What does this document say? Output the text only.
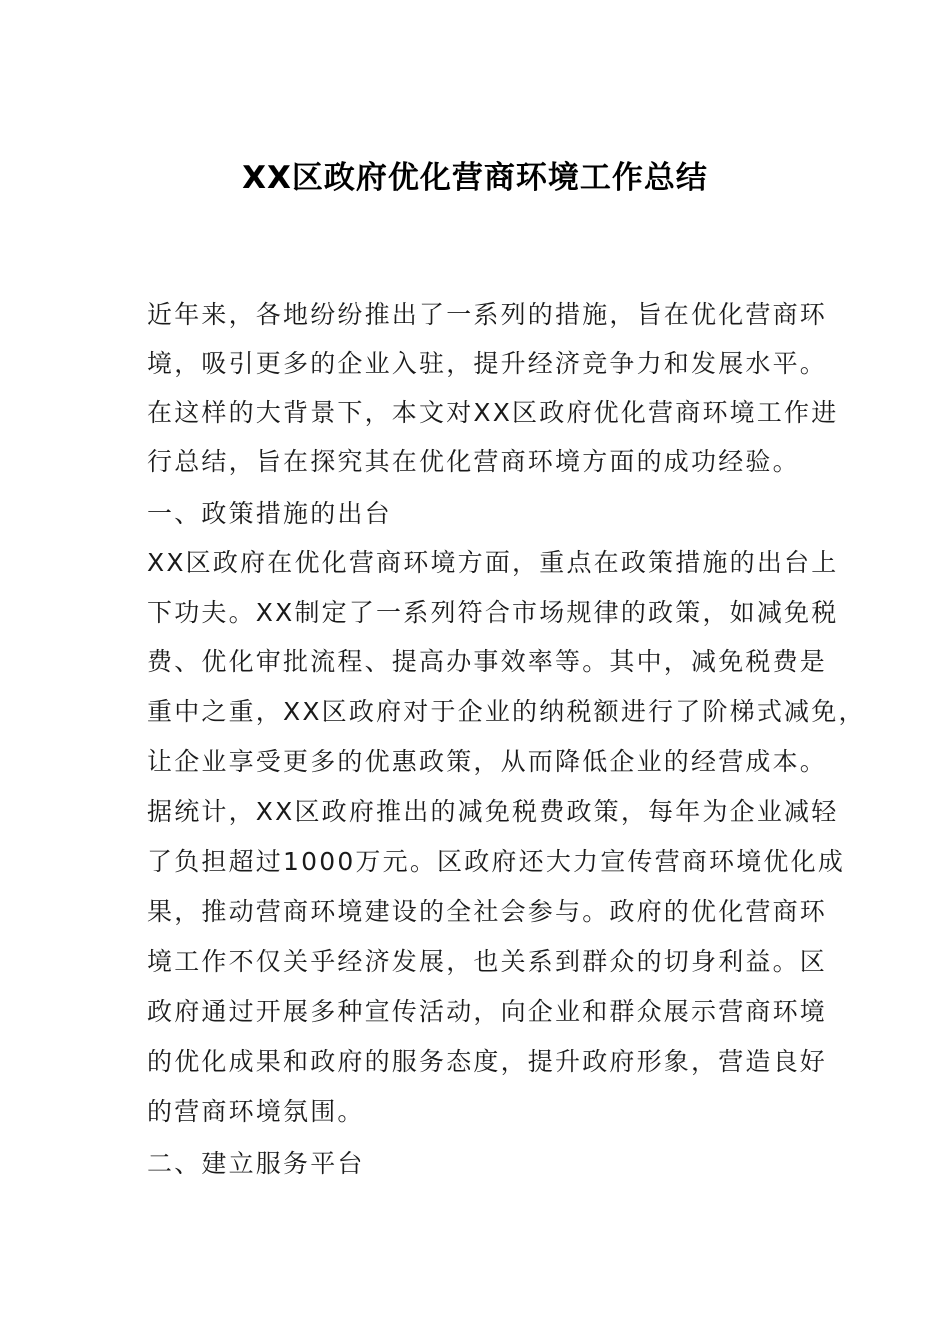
XX区政府优化营商环境工作总结
近年来，各地纷纷推出了一系列的措施，旨在优化营商环
境，吸引更多的企业入驻，提升经济竞争力和发展水平。
在这样的大背景下，本文对XX区政府优化营商环境工作进
行总结，旨在探究其在优化营商环境方面的成功经验。
一、政策措施的出台
XX区政府在优化营商环境方面，重点在政策措施的出台上
下功夫。XX制定了一系列符合市场规律的政策，如减免税
费、优化审批流程、提高办事效率等。其中，减免税费是
重中之重，XX区政府对于企业的纳税额进行了阶梯式减免，
让企业享受更多的优惠政策，从而降低企业的经营成本。
据统计，XX区政府推出的减免税费政策，每年为企业减轻
了负担超过1000万元。区政府还大力宣传营商环境优化成
果，推动营商环境建设的全社会参与。政府的优化营商环
境工作不仅关乎经济发展，也关系到群众的切身利益。区
政府通过开展多种宣传活动，向企业和群众展示营商环境
的优化成果和政府的服务态度，提升政府形象，营造良好
的营商环境氛围。
二、建立服务平台
